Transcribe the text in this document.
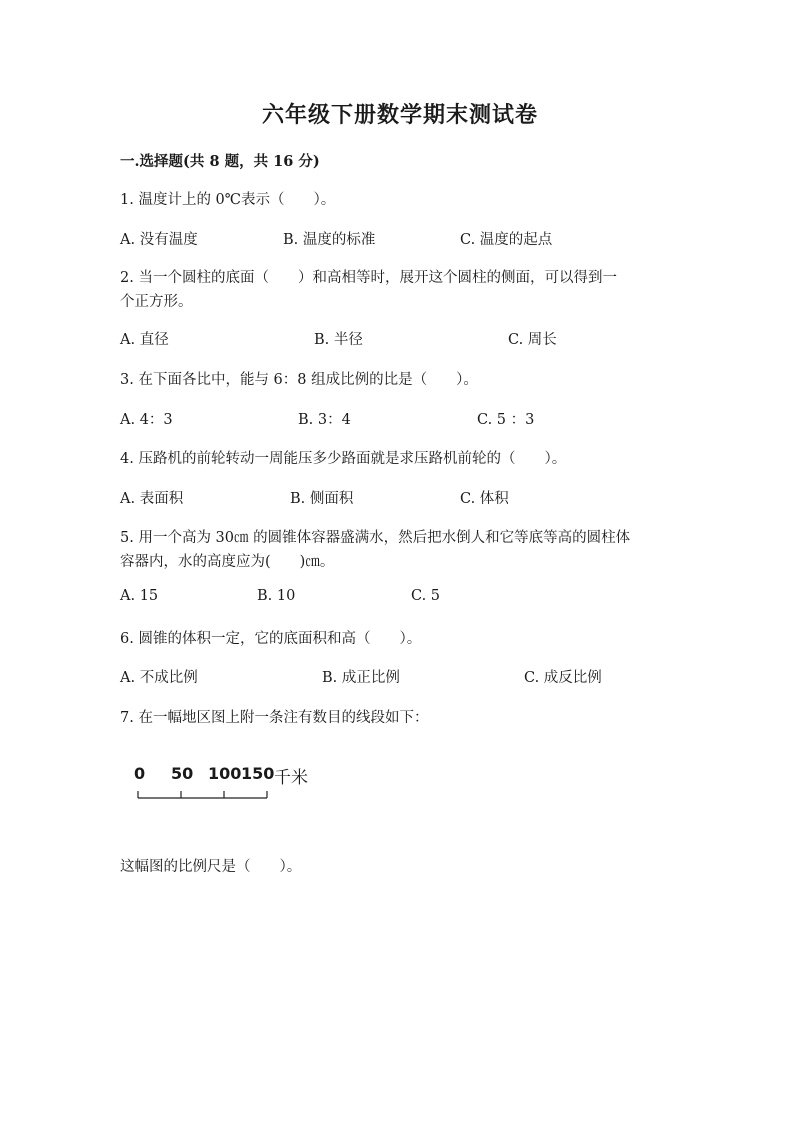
六年级下册数学期末测试卷
一.选择题(共 8 题，共 16 分)
1. 温度计上的 0℃表示（　　）。
A. 没有温度	B. 温度的标准	C. 温度的起点
2. 当一个圆柱的底面（　　）和高相等时，展开这个圆柱的侧面，可以得到一
个正方形。
A. 直径	B. 半径	C. 周长
3. 在下面各比中，能与 6：8 组成比例的比是（　　）。
A. 4：3	B. 3：4	C. 5 ：3
4. 压路机的前轮转动一周能压多少路面就是求压路机前轮的（　　）。
A. 表面积	B. 侧面积	C. 体积
5. 用一个高为 30㎝ 的圆锥体容器盛满水，然后把水倒人和它等底等高的圆柱体
容器内，水的高度应为(　　)㎝。
A. 15	B. 10	C. 5
6. 圆锥的体积一定，它的底面积和高（　　）。
A. 不成比例	B. 成正比例	C. 成反比例
7. 在一幅地区图上附一条注有数目的线段如下：
0 50 100 150 千米
这幅图的比例尺是（　　）。
